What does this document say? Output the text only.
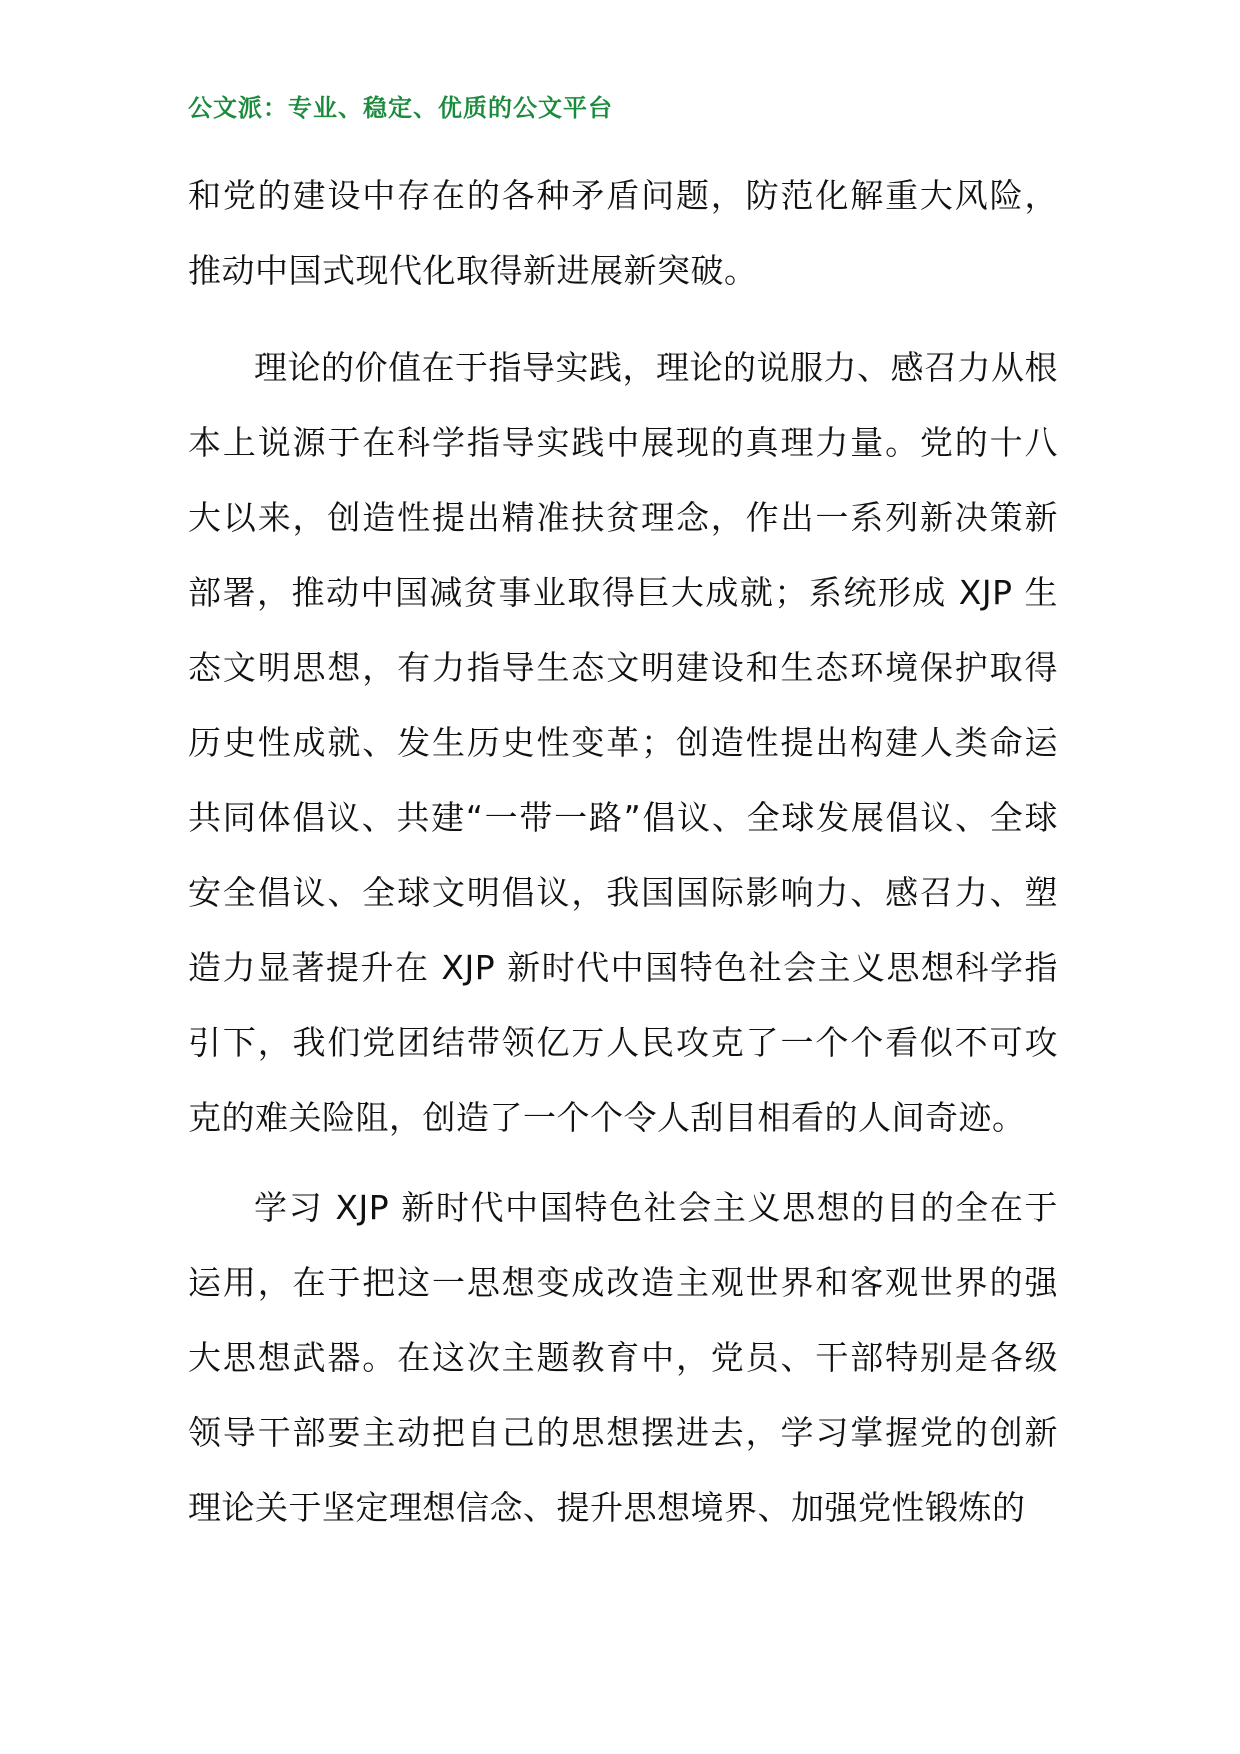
公文派：专业、稳定、优质的公文平台

和党的建设中存在的各种矛盾问题，防范化解重大风险，推动中国式现代化取得新进展新突破。

理论的价值在于指导实践，理论的说服力、感召力从根本上说源于在科学指导实践中展现的真理力量。党的十八大以来，创造性提出精准扶贫理念，作出一系列新决策新部署，推动中国减贫事业取得巨大成就；系统形成 XJP 生态文明思想，有力指导生态文明建设和生态环境保护取得历史性成就、发生历史性变革；创造性提出构建人类命运共同体倡议、共建“一带一路”倡议、全球发展倡议、全球安全倡议、全球文明倡议，我国国际影响力、感召力、塑造力显著提升在 XJP 新时代中国特色社会主义思想科学指引下，我们党团结带领亿万人民攻克了一个个看似不可攻克的难关险阻，创造了一个个令人刮目相看的人间奇迹。

学习 XJP 新时代中国特色社会主义思想的目的全在于运用，在于把这一思想变成改造主观世界和客观世界的强大思想武器。在这次主题教育中，党员、干部特别是各级领导干部要主动把自己的思想摆进去，学习掌握党的创新理论关于坚定理想信念、提升思想境界、加强党性锻炼的
